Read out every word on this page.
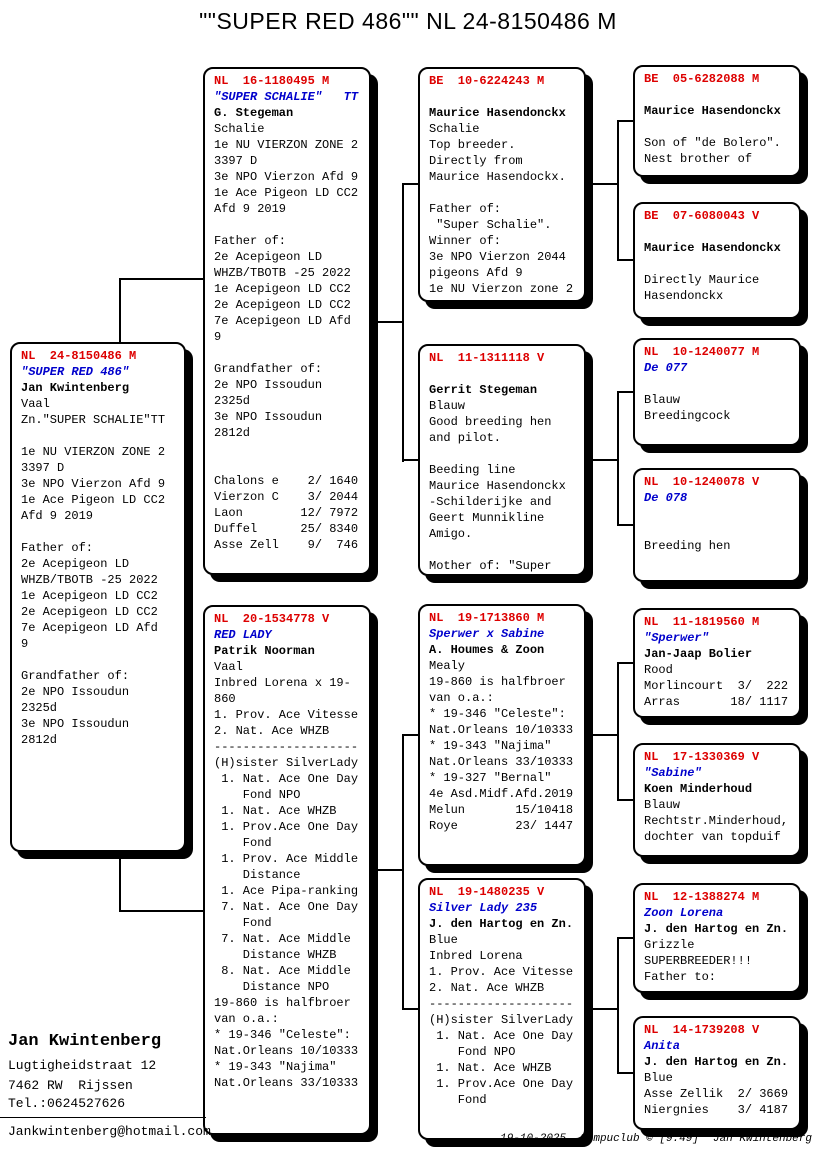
""SUPER RED 486"" NL 24-8150486 M
NL  24-8150486 M
"SUPER RED 486"
Jan Kwintenberg
Vaal
Zn."SUPER SCHALIE"TT

1e NU VIERZON ZONE 2
3397 D
3e NPO Vierzon Afd 9
1e Ace Pigeon LD CC2
Afd 9 2019

Father of:
2e Acepigeon LD
WHZB/TBOTB -25 2022
1e Acepigeon LD CC2
2e Acepigeon LD CC2
7e Acepigeon LD Afd
9

Grandfather of:
2e NPO Issoudun
2325d
3e NPO Issoudun
2812d
NL  16-1180495 M
"SUPER SCHALIE"   TT
G. Stegeman
Schalie
1e NU VIERZON ZONE 2
3397 D
3e NPO Vierzon Afd 9
1e Ace Pigeon LD CC2
Afd 9 2019

Father of:
2e Acepigeon LD
WHZB/TBOTB -25 2022
1e Acepigeon LD CC2
2e Acepigeon LD CC2
7e Acepigeon LD Afd
9

Grandfather of:
2e NPO Issoudun
2325d
3e NPO Issoudun
2812d

Chalons e    2/ 1640
Vierzon C    3/ 2044
Laon        12/ 7972
Duffel      25/ 8340
Asse Zell    9/  746
NL  20-1534778 V
RED LADY
Patrik Noorman
Vaal
Inbred Lorena x 19-
860
1. Prov. Ace Vitesse
2. Nat. Ace WHZB
--------------------
(H)sister SilverLady
1. Nat. Ace One Day
Fond NPO
1. Nat. Ace WHZB
1. Prov.Ace One Day
Fond
1. Prov. Ace Middle
Distance
1. Ace Pipa-ranking
7. Nat. Ace One Day
Fond
7. Nat. Ace Middle
Distance WHZB
8. Nat. Ace Middle
Distance NPO
19-860 is halfbroer
van o.a.:
* 19-346 "Celeste":
Nat.Orleans 10/10333
* 19-343 "Najima"
Nat.Orleans 33/10333
BE  10-6224243 M

Maurice Hasendonckx
Schalie
Top breeder.
Directly from
Maurice Hasendockx.

Father of:
"Super Schalie".
Winner of:
3e NPO Vierzon 2044
pigeons Afd 9
1e NU Vierzon zone 2
NL  11-1311118 V

Gerrit Stegeman
Blauw
Good breeding hen
and pilot.

Beeding line
Maurice Hasendonckx
-Schilderijke and
Geert Munnikline
Amigo.

Mother of: "Super
NL  19-1713860 M
Sperwer x Sabine
A. Houmes & Zoon
Mealy
19-860 is halfbroer
van o.a.:
* 19-346 "Celeste":
Nat.Orleans 10/10333
* 19-343 "Najima"
Nat.Orleans 33/10333
* 19-327 "Bernal"
4e Asd.Midf.Afd.2019
Melun       15/10418
Roye        23/ 1447
NL  19-1480235 V
Silver Lady 235
J. den Hartog en Zn.
Blue
Inbred Lorena
1. Prov. Ace Vitesse
2. Nat. Ace WHZB
--------------------
(H)sister SilverLady
1. Nat. Ace One Day
Fond NPO
1. Nat. Ace WHZB
1. Prov.Ace One Day
Fond
BE  05-6282088 M

Maurice Hasendonckx

Son of "de Bolero".
Nest brother of
BE  07-6080043 V

Maurice Hasendonckx

Directly Maurice
Hasendonckx
NL  10-1240077 M
De 077

Blauw
Breedingcock
NL  10-1240078 V
De 078

Breeding hen
NL  11-1819560 M
"Sperwer"
Jan-Jaap Bolier
Rood
Morlincourt  3/  222
Arras       18/ 1117
NL  17-1330369 V
"Sabine"
Koen Minderhoud
Blauw
Rechtstr.Minderhoud,
dochter van topduif
NL  12-1388274 M
Zoon Lorena
J. den Hartog en Zn.
Grizzle
SUPERBREEDER!!!
Father to:
NL  14-1739208 V
Anita
J. den Hartog en Zn.
Blue
Asse Zellik  2/ 3669
Niergnies    3/ 4187
Jan Kwintenberg
Lugtigheidstraat 12
7462 RW  Rijssen
Tel.:0624527626
Jankwintenberg@hotmail.com	19-10-2025 Compuclub © [9.49] Jan Kwintenberg
